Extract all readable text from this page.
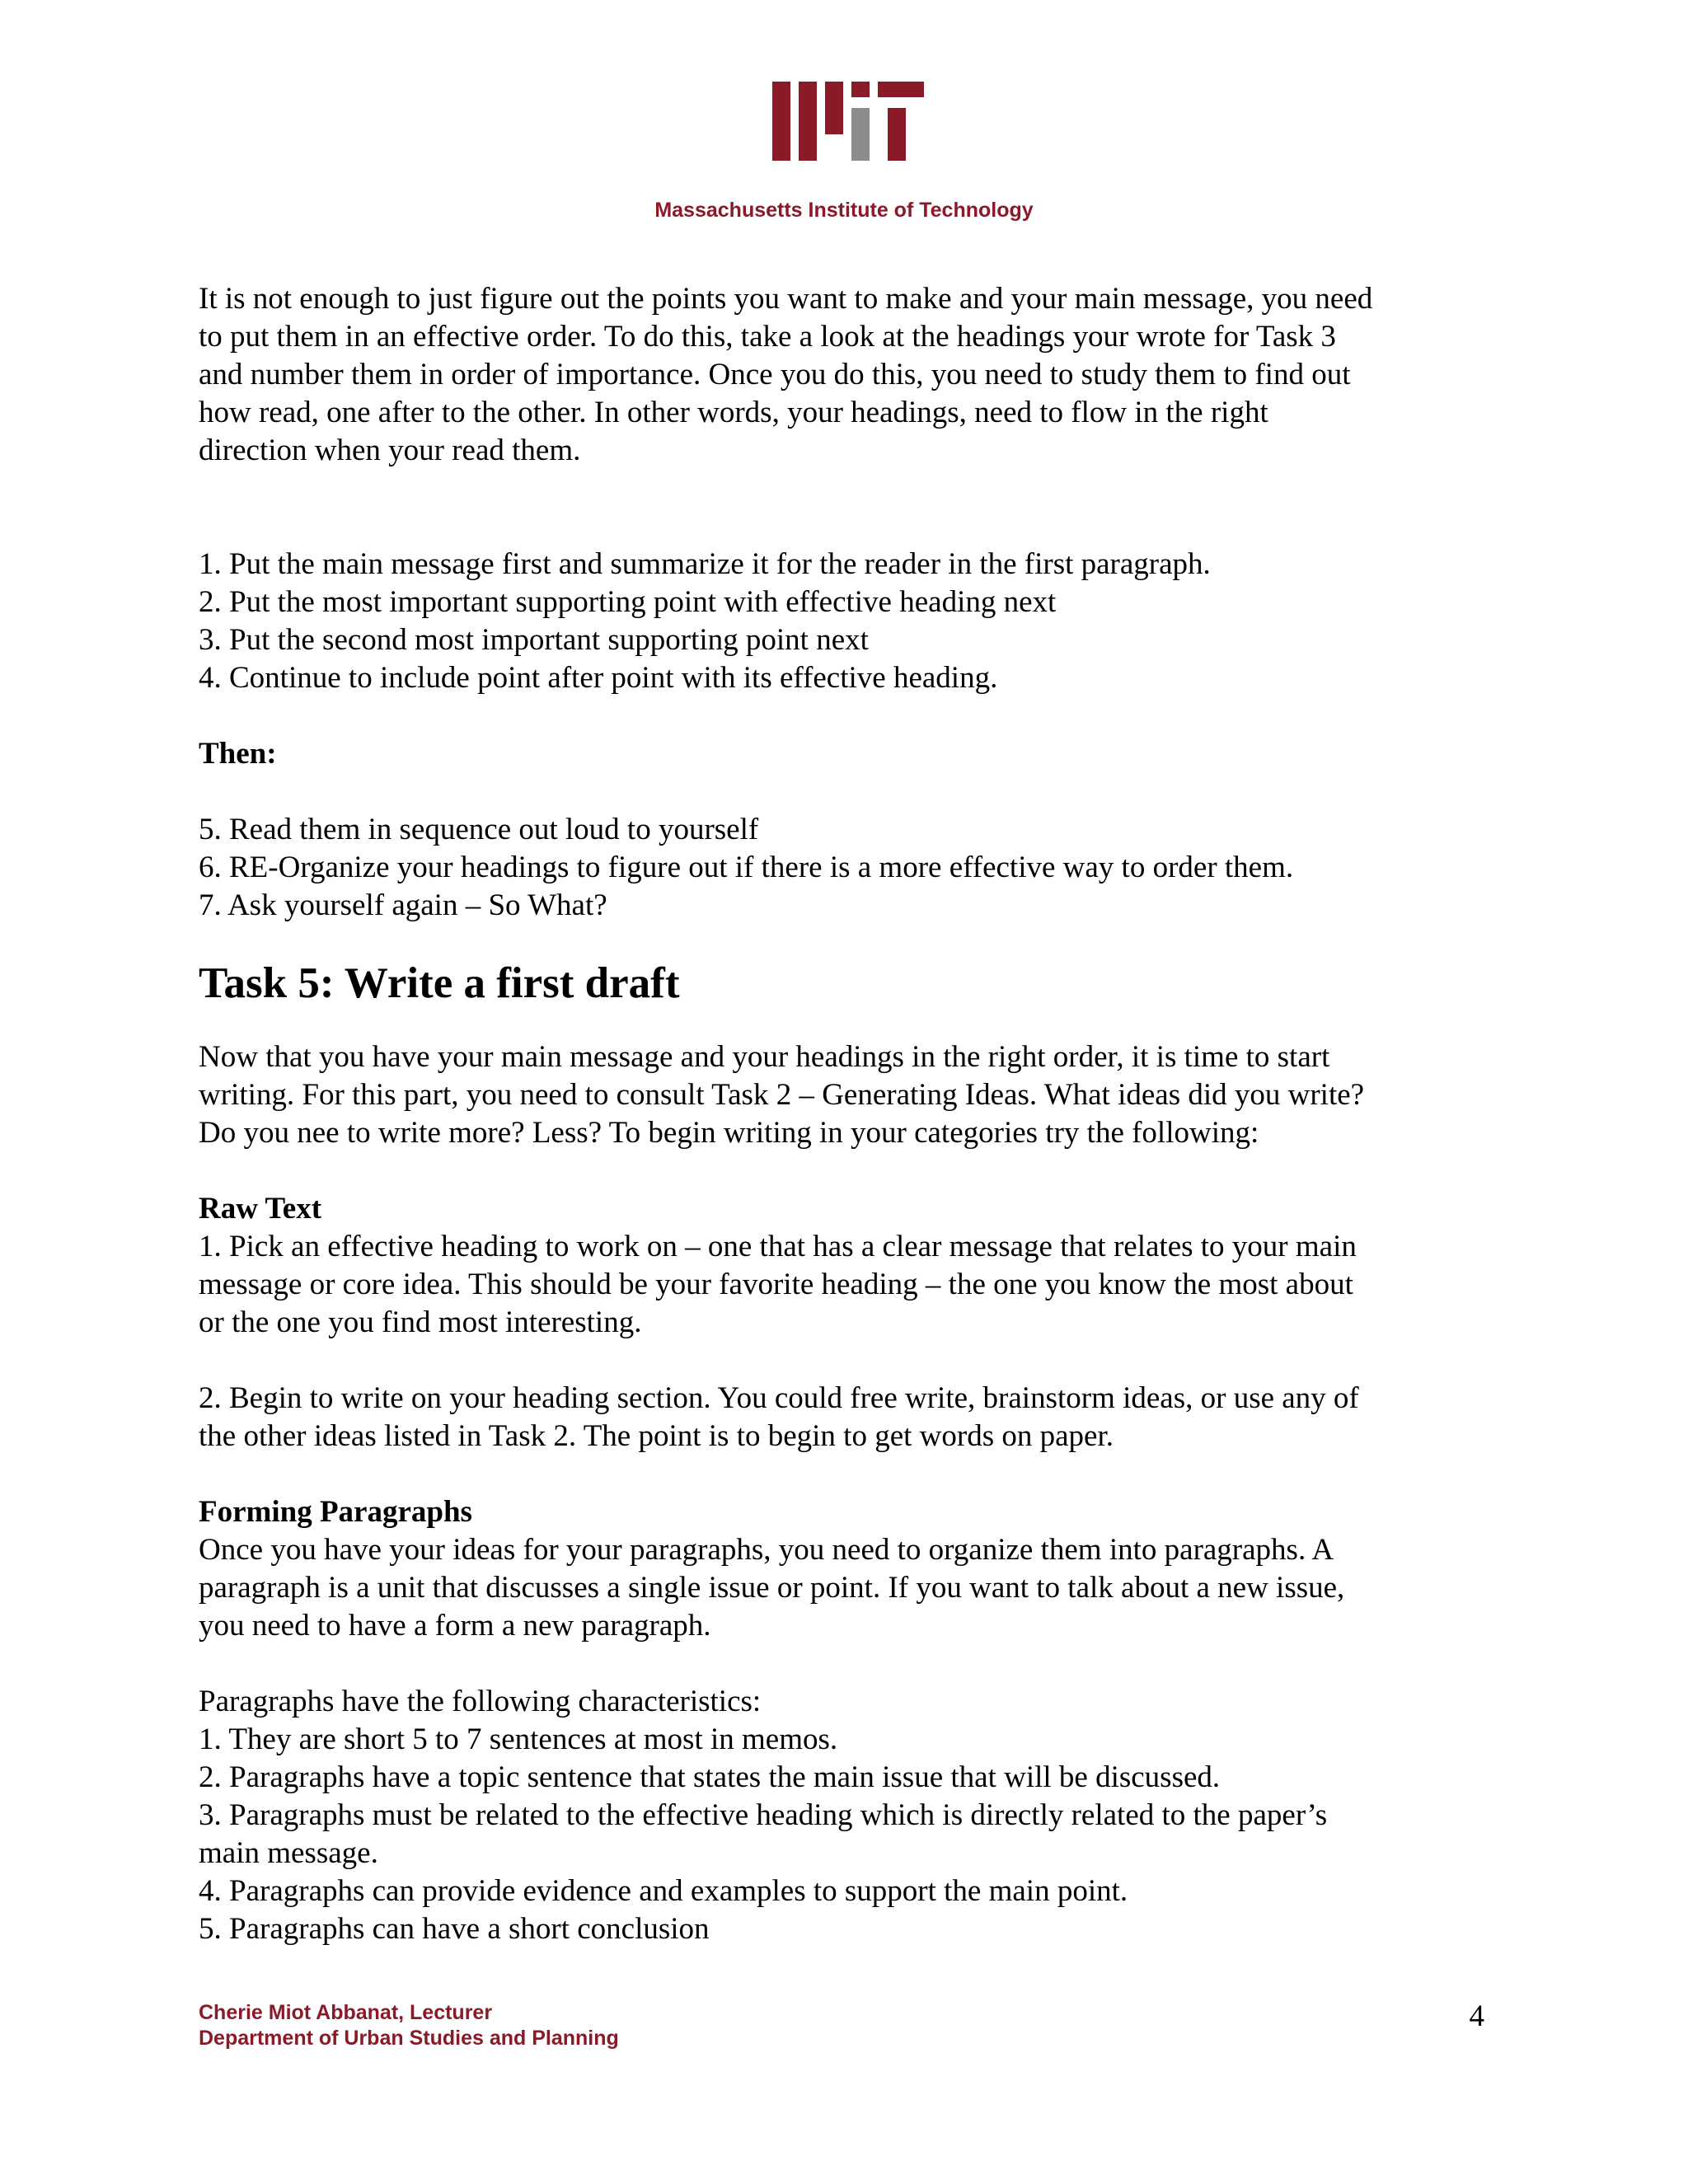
Massachusetts Institute of Technology

It is not enough to just figure out the points you want to make and your main message, you need

to put them in an effective order. To do this, take a look at the headings your wrote for Task 3

and number them in order of importance. Once you do this, you need to study them to find out

how read, one after to the other. In other words, your headings, need to flow in the right

direction when your read them.

1. Put the main message first and summarize it for the reader in the first paragraph.

2. Put the most important supporting point with effective heading next

3. Put the second most important supporting point next

4. Continue to include point after point with its effective heading.

Then:

5. Read them in sequence out loud to yourself

6. RE-Organize your headings to figure out if there is a more effective way to order them.

7. Ask yourself again – So What?

Task 5: Write a first draft

Now that you have your main message and your headings in the right order, it is time to start

writing. For this part, you need to consult Task 2 – Generating Ideas. What ideas did you write?

Do you nee to write more? Less? To begin writing in your categories try the following:

Raw Text

1. Pick an effective heading to work on – one that has a clear message that relates to your main

message or core idea. This should be your favorite heading – the one you know the most about

or the one you find most interesting.

2. Begin to write on your heading section. You could free write, brainstorm ideas, or use any of

the other ideas listed in Task 2. The point is to begin to get words on paper.

Forming Paragraphs

Once you have your ideas for your paragraphs, you need to organize them into paragraphs. A

paragraph is a unit that discusses a single issue or point. If you want to talk about a new issue,

you need to have a form a new paragraph.

Paragraphs have the following characteristics:

1. They are short 5 to 7 sentences at most in memos.

2. Paragraphs have a topic sentence that states the main issue that will be discussed.

3. Paragraphs must be related to the effective heading which is directly related to the paper’s

main message.

4. Paragraphs can provide evidence and examples to support the main point.

5. Paragraphs can have a short conclusion

Cherie Miot Abbanat, Lecturer
Department of Urban Studies and Planning
4
